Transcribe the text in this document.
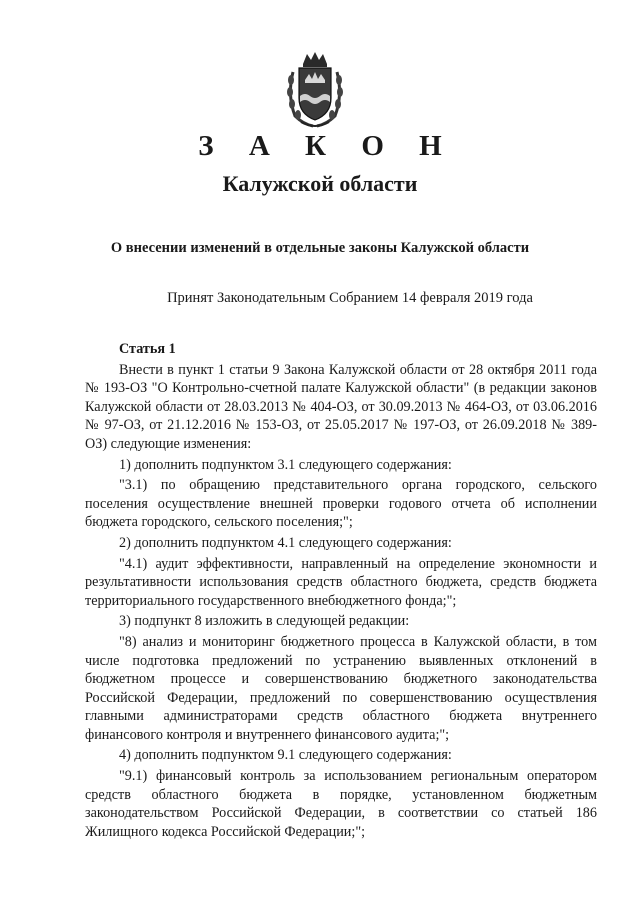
З А К О Н
Калужской области
О внесении изменений в отдельные законы Калужской области
Принят Законодательным Собранием 14 февраля 2019 года
Статья 1

Внести в пункт 1 статьи 9 Закона Калужской области от 28 октября 2011 года № 193-ОЗ "О Контрольно-счетной палате Калужской области" (в редакции законов Калужской области от 28.03.2013 № 404-ОЗ, от 30.09.2013 № 464-ОЗ, от 03.06.2016 № 97-ОЗ, от 21.12.2016 № 153-ОЗ, от 25.05.2017 № 197-ОЗ, от 26.09.2018 № 389-ОЗ) следующие изменения:

1) дополнить подпунктом 3.1 следующего содержания:

"3.1) по обращению представительного органа городского, сельского поселения осуществление внешней проверки годового отчета об исполнении бюджета городского, сельского поселения;";

2) дополнить подпунктом 4.1 следующего содержания:

"4.1) аудит эффективности, направленный на определение экономности и результативности использования средств областного бюджета, средств бюджета территориального государственного внебюджетного фонда;";

3) подпункт 8 изложить в следующей редакции:

"8) анализ и мониторинг бюджетного процесса в Калужской области, в том числе подготовка предложений по устранению выявленных отклонений в бюджетном процессе и совершенствованию бюджетного законодательства Российской Федерации, предложений по совершенствованию осуществления главными администраторами средств областного бюджета внутреннего финансового контроля и внутреннего финансового аудита;";

4) дополнить подпунктом 9.1 следующего содержания:

"9.1) финансовый контроль за использованием региональным оператором средств областного бюджета в порядке, установленном бюджетным законодательством Российской Федерации, в соответствии со статьей 186 Жилищного кодекса Российской Федерации;";
